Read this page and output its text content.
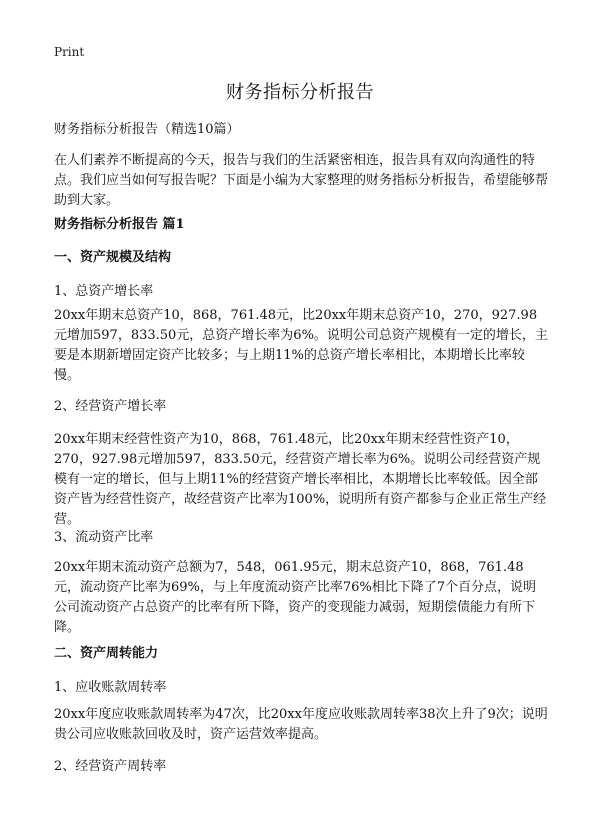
Print
财务指标分析报告
财务指标分析报告（精选10篇）

在人们素养不断提高的今天，报告与我们的生活紧密相连，报告具有双向沟通性的特点。我们应当如何写报告呢？下面是小编为大家整理的财务指标分析报告，希望能够帮助到大家。

财务指标分析报告 篇1
一、资产规模及结构
1、总资产增长率

20xx年期末总资产10，868，761.48元，比20xx年期末总资产10，270，927.98元增加597，833.50元，总资产增长率为6%。说明公司总资产规模有一定的增长，主要是本期新增固定资产比较多；与上期11%的总资产增长率相比，本期增长比率较慢。

2、经营资产增长率

20xx年期末经营性资产为10，868，761.48元，比20xx年期末经营性资产10，270，927.98元增加597，833.50元，经营资产增长率为6%。说明公司经营资产规模有一定的增长，但与上期11%的经营资产增长率相比，本期增长比率较低。因全部资产皆为经营性资产，故经营资产比率为100%，说明所有资产都参与企业正常生产经营。

3、流动资产比率

20xx年期末流动资产总额为7，548，061.95元，期末总资产10，868，761.48元，流动资产比率为69%，与上年度流动资产比率76%相比下降了7个百分点，说明公司流动资产占总资产的比率有所下降，资产的变现能力减弱，短期偿债能力有所下降。

二、资产周转能力
1、应收账款周转率

20xx年度应收账款周转率为47次，比20xx年度应收账款周转率38次上升了9次；说明贵公司应收账款回收及时，资产运营效率提高。

2、经营资产周转率
